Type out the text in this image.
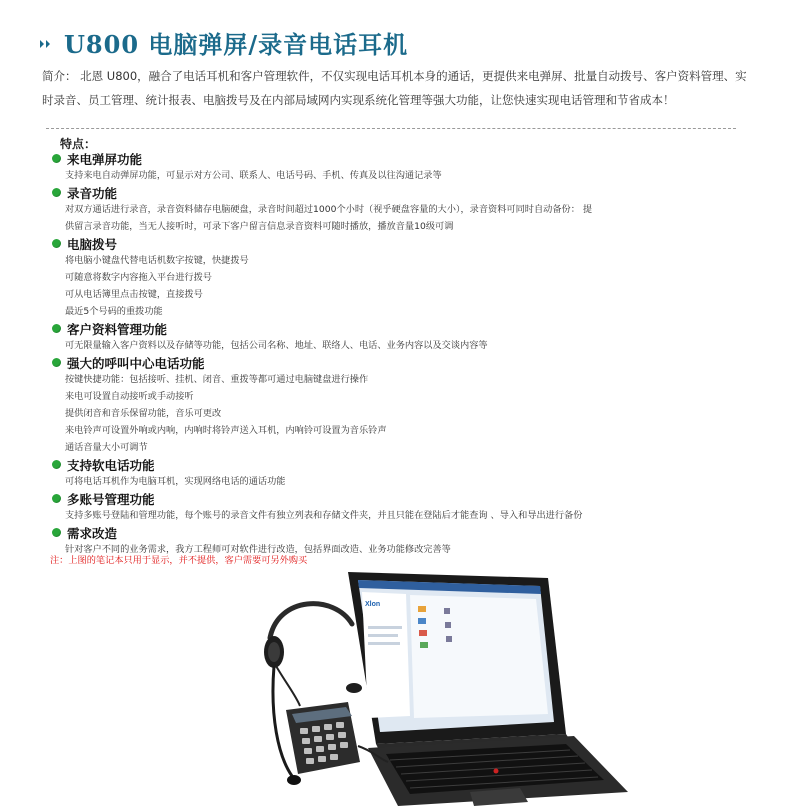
U800 电脑弹屏/录音电话耳机
简介： 北恩 U800，融合了电话耳机和客户管理软件，不仅实现电话耳机本身的通话，更提供来电弹屏、批量自动拨号、客户资料管理、实时录音、员工管理、统计报表、电脑拨号及在内部局域网内实现系统化管理等强大功能，让您快速实现电话管理和节省成本！
特点：
来电弹屏功能
支持来电自动弹屏功能，可显示对方公司、联系人、电话号码、手机、传真及以往沟通记录等
录音功能
对双方通话进行录音，录音资料储存电脑硬盘，录音时间超过1000个小时（视乎硬盘容量的大小），录音资料可同时自动备份： 提
供留言录音功能，当无人接听时，可录下客户留言信息录音资料可随时播放，播放音量10级可调
电脑拨号
将电脑小键盘代替电话机数字按键，快捷拨号
可随意将数字内容拖入平台进行拨号
可从电话簿里点击按键，直接拨号
最近5个号码的重拨功能
客户资料管理功能
可无限量输入客户资料以及存储等功能，包括公司名称、地址、联络人、电话、业务内容以及交谈内容等
强大的呼叫中心电话功能
按键快捷功能：包括接听、挂机、闭音、重拨等都可通过电脑键盘进行操作
来电可设置自动接听或手动接听
提供闭音和音乐保留功能，音乐可更改
来电铃声可设置外响或内响，内响时将铃声送入耳机，内响铃可设置为音乐铃声
通话音量大小可调节
支持软电话功能
可将电话耳机作为电脑耳机，实现网络电话的通话功能
多账号管理功能
支持多账号登陆和管理功能，每个账号的录音文件有独立列表和存储文件夹，并且只能在登陆后才能查询 、导入和导出进行备份
需求改造
针对客户不同的业务需求，我方工程师可对软件进行改造，包括界面改造、业务功能修改完善等
注：上图的笔记本只用于显示，并不提供，客户需要可另外购买
Xlon
